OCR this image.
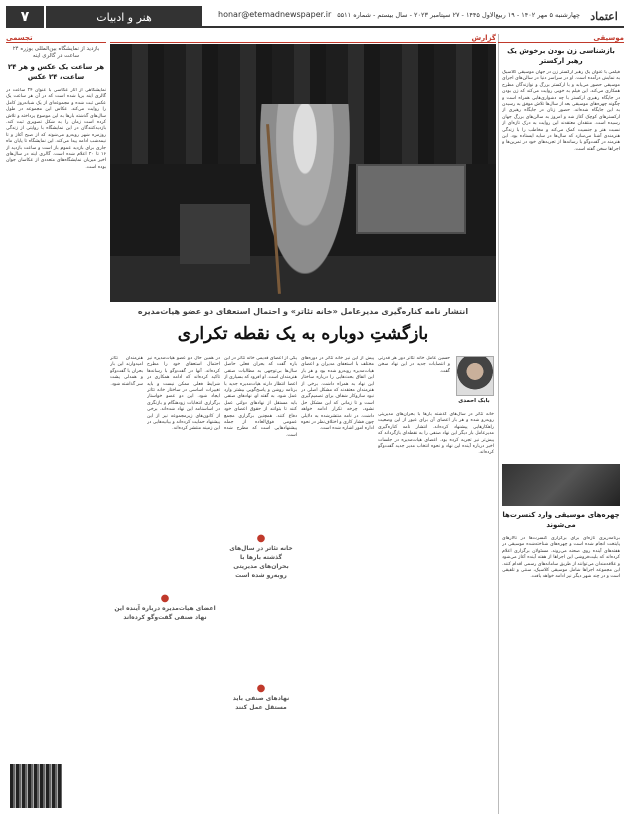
۷	هنر و ادبیات	honar@etemadnewspaper.ir چهارشنبه ۵ مهر ۱۴۰۲ - ۱۹ ربیع‌الاول ۱۴۴۵ - ۲۷ سپتامبر ۲۰۲۳ - سال بیستم - شماره ۵۵۱۱ اعتماد
موسیقی
بازشناسی زن بودن برخوش یک رهبر ارکستر

فیلمی با عنوان یک رهبر ارکستر زن در جهان موسیقی کلاسیک به نمایش درآمده است. او در سراسر دنیا در سالن‌های اجرای موسیقی حضور می‌یابد و با ارکستر بزرگ و نوازندگان مطرح همکاری می‌کند. این فیلم به‌ خوبی روایت می‌کند که زن بودن در جایگاه رهبری ارکستر با چه دشواری‌هایی همراه است و چگونه چهره‌های موسیقی بعد از سال‌ها تلاش موفق به رسیدن به این جایگاه شده‌اند. حضور زنان در جایگاه رهبری از ارکسترهای کوچک آغاز شد و امروز به سالن‌های بزرگ جهان رسیده است. منتقدان معتقدند این روایت به درک تازه‌ای از نسبت هنر و جنسیت کمک می‌کند و مخاطب را با زندگی هنرمندی آشنا می‌سازد که سال‌ها در سایه ایستاده بود. این هنرمند در گفت‌وگو با رسانه‌ها از تجربه‌های خود در تمرین‌ها و اجراها سخن گفته است.

چهره‌های موسیقی وارد کنسرت‌ها می‌شوند

برنامه‌ریزی تازه‌ای برای برگزاری کنسرت‌ها در تالارهای پایتخت انجام شده است و چهره‌های شناخته‌شده موسیقی در هفته‌های آینده روی صحنه می‌روند. مسئولان برگزاری اعلام کرده‌اند که بلیت‌فروشی این اجراها از هفته آینده آغاز می‌شود و علاقه‌مندان می‌توانند از طریق سامانه‌های رسمی اقدام کنند. این مجموعه اجراها شامل موسیقی کلاسیک، سنتی و تلفیقی است و در چند شهر دیگر نیز ادامه خواهد یافت.

تجسمی
بازدید از نمایشگاه بین‌المللی بوزره ۲۴ ساعت در گالری اینه
هر ساعت یک عکس و هر ۲۴ ساعت، ۲۴ عکس

نمایشگاهی از آثار عکاسی با عنوان ۲۴ ساعت در گالری اینه برپا شده است که در آن هر ساعت یک عکس ثبت شده و مجموعه‌ای از یک شبانه‌روز کامل را روایت می‌کند. عکاس این مجموعه در طول سال‌های گذشته بارها به این موضوع پرداخته و تلاش کرده است زمان را به شکل تصویری ثبت کند. بازدیدکنندگان در این نمایشگاه با روایتی از زندگی روزمره شهر روبه‌رو می‌شوند که از صبح آغاز و تا نیمه‌شب ادامه پیدا می‌کند. این نمایشگاه تا پایان ماه جاری برای بازدید عموم باز است و ساعت بازدید از ۱۶ تا ۲۰ اعلام شده است. گالری اینه در سال‌های اخیر میزبان نمایشگاه‌های متعددی از عکاسان جوان بوده است.

گزارش
انتشار نامه کناره‌گیری مدیرعامل «خانه تئاتر» و احتمال استعفای دو عضو هیات‌مدیره
بازگشتِ دوباره به یک نقطه تکراری
بابک احمدی

حسین عامل خانه تئاتر دور هر قدرتی و انتصابات جدید در این نهاد سخن گفت.

خانه تئاتر در سال‌های گذشته بارها با بحران‌های مدیریتی روبه‌رو شده و هر بار اعضای آن برای عبور از این وضعیت راهکارهایی پیشنهاد کرده‌اند. انتشار نامه کناره‌گیری مدیرعامل بار دیگر این نهاد صنفی را به نقطه‌ای بازگرداند که پیش‌تر نیز تجربه کرده بود. اعضای هیات‌مدیره در جلسات اخیر درباره آینده این نهاد و نحوه انتخاب مدیر جدید گفت‌وگو کرده‌اند.

پیش از این نیز خانه تئاتر در دوره‌های مختلف با استعفای مدیران و اعضای هیات‌مدیره روبه‌رو شده بود و هر بار این اتفاق بحث‌هایی را درباره ساختار این نهاد به همراه داشت. برخی از هنرمندان معتقدند که مشکل اصلی در نبود سازوکار شفاف برای تصمیم‌گیری است و تا زمانی که این مشکل حل نشود، چرخه تکرار ادامه خواهد داشت. در نامه منتشرشده به دلایلی چون فشار کاری و اختلاف‌نظر در نحوه اداره امور اشاره شده است.

یکی از اعضای قدیمی خانه تئاتر در این باره گفت که بحران فعلی حاصل سال‌ها بی‌توجهی به مطالبات صنفی هنرمندان است. او افزود که بسیاری از اعضا انتظار دارند هیات‌مدیره جدید با برنامه روشن و پاسخ‌گویی بیشتر وارد عمل شود. به گفته او، نهادهای صنفی باید مستقل از نهادهای دولتی عمل کنند تا بتوانند از حقوق اعضای خود دفاع کنند. همچنین برگزاری مجمع عمومی فوق‌العاده از جمله پیشنهادهایی است که مطرح شده است.

در همین حال دو عضو هیات‌مدیره نیز احتمال استعفای خود را مطرح کرده‌اند. آنها در گفت‌وگو با رسانه‌ها تاکید کرده‌اند که ادامه همکاری در شرایط فعلی ممکن نیست و باید تغییرات اساسی در ساختار خانه تئاتر ایجاد شود. این دو عضو خواستار برگزاری انتخابات زودهنگام و بازنگری در اساسنامه این نهاد شده‌اند. برخی از کانون‌های زیرمجموعه نیز از این پیشنهاد حمایت کرده‌اند و بیانیه‌هایی در این زمینه منتشر کرده‌اند.

هنرمندان تئاتر امیدوارند این بار بحران با گفت‌وگو و همدلی پشت سر گذاشته شود.

●
خانه تئاتر در سال‌های گذشته بارها با بحران‌های مدیریتی روبه‌رو شده است
●
اعضای هیات‌مدیره درباره آینده این نهاد صنفی گفت‌وگو کرده‌اند
●
نهادهای صنفی باید مستقل عمل کنند
